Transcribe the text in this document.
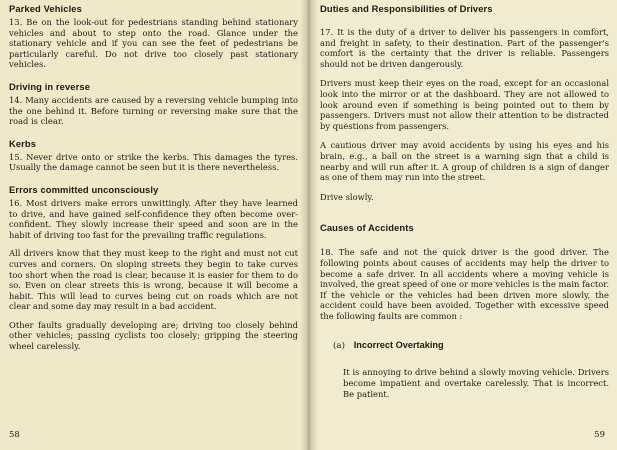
Parked Vehicles

13. Be on the look-out for pedestrians standing behind stationary vehicles and about to step onto the road. Glance under the stationary vehicle and if you can see the feet of pedestrians be particularly careful. Do not drive too closely past stationary vehicles.

Driving in reverse

14. Many accidents are caused by a reversing vehicle bumping into the one behind it. Before turning or reversing make sure that the road is clear.

Kerbs

15. Never drive onto or strike the kerbs. This damages the tyres. Usually the damage cannot be seen but it is there nevertheless.

Errors committed unconsciously

16. Most drivers make errors unwittingly. After they have learned to drive, and have gained self-confidence they often become over-confident. They slowly increase their speed and soon are in the habit of driving too fast for the prevailing traffic regulations.

All drivers know that they must keep to the right and must not cut curves and corners. On sloping streets they begin to take curves too short when the road is clear, because it is easier for them to do so. Even on clear streets this is wrong, because it will become a habit. This will lead to curves being cut on roads which are not clear and some day may result in a bad accident.

Other faults gradually developing are; driving too closely behind other vehicles; passing cyclists too closely; gripping the steering wheel carelessly.

58
Duties and Responsibilities of Drivers

17. It is the duty of a driver to deliver his passengers in comfort, and freight in safety, to their destination. Part of the passenger's comfort is the certainty that the driver is reliable. Passengers should not be driven dangerously.

Drivers must keep their eyes on the road, except for an occasional look into the mirror or at the dashboard. They are not allowed to look around even if something is being pointed out to them by passengers. Drivers must not allow their attention to be distracted by questions from passengers.

A cautious driver may avoid accidents by using his eyes and his brain, e.g., a ball on the street is a warning sign that a child is nearby and will run after it. A group of children is a sign of danger as one of them may run into the street.

Drive slowly.

Causes of Accidents

18. The safe and not the quick driver is the good driver. The following points about causes of accidents may help the driver to become a safe driver. In all accidents where a moving vehicle is involved, the great speed of one or more vehicles is the main factor. If the vehicle or the vehicles had been driven more slowly, the accident could have been avoided. Together with excessive speed the following faults are common :

(a) Incorrect Overtaking

It is annoying to drive behind a slowly moving vehicle. Drivers become impatient and overtake carelessly. That is incorrect. Be patient.

59
